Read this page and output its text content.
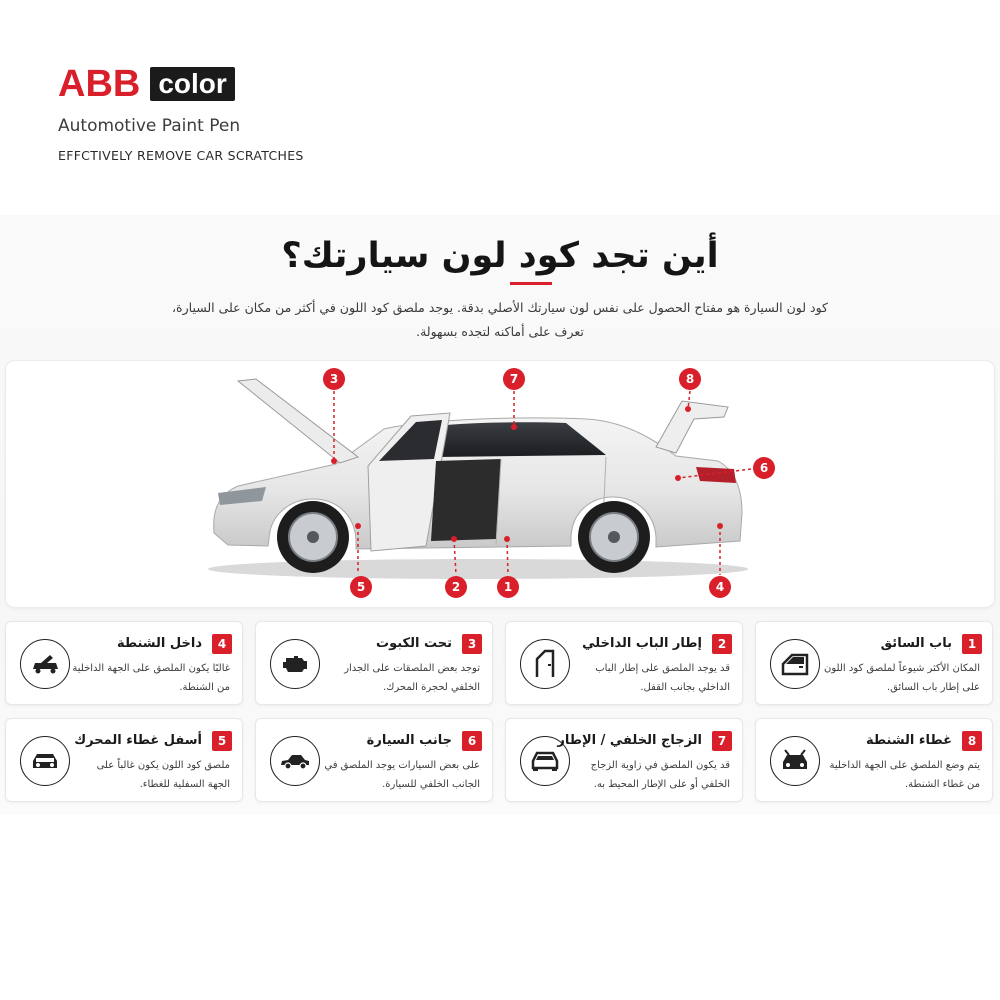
ABB color
Automotive Paint Pen
EFFCTIVELY REMOVE CAR SCRATCHES
أين تجد كود لون سيارتك؟
كود لون السيارة هو مفتاح الحصول على نفس لون سيارتك الأصلي بدقة. يوجد ملصق كود اللون في أكثر من مكان على السيارة،
تعرف على أماكنه لتجده بسهولة.
3	7	8
6
5	2	1	4
4
داخل الشنطة
غالبًا يكون الملصق على الجهة الداخلية من الشنطة.
3
تحت الكبوت
توجد بعض الملصقات على الجدار الخلفي لحجرة المحرك.
2
إطار الباب الداخلي
قد يوجد الملصق على إطار الباب الداخلي بجانب القفل.
1
باب السائق
المكان الأكثر شيوعاً لملصق كود اللون على إطار باب السائق.
5
أسفل غطاء المحرك
ملصق كود اللون يكون غالباً على الجهة السفلية للغطاء.
6
جانب السيارة
على بعض السيارات يوجد الملصق في الجانب الخلفي للسيارة.
7
الزجاج الخلفي / الإطار
قد يكون الملصق في زاوية الزجاج الخلفي أو على الإطار المحيط به.
8
غطاء الشنطة
يتم وضع الملصق على الجهة الداخلية من غطاء الشنطة.
